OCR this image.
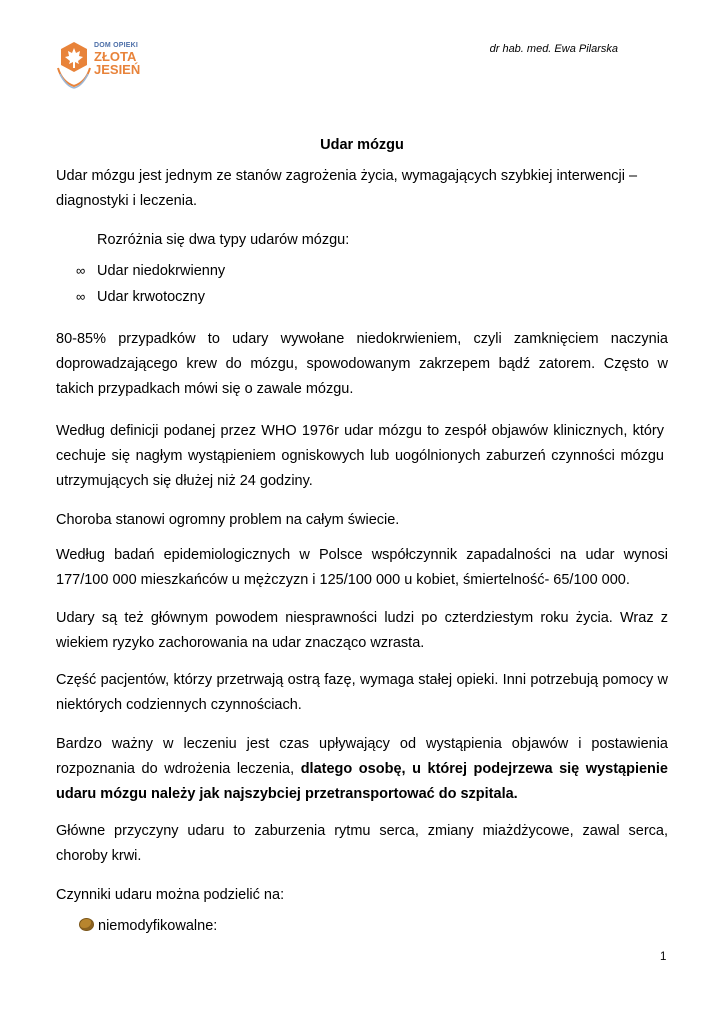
DOM OPIEKI
ZŁOTA
JESIEŃ
dr hab. med. Ewa Pilarska
Udar mózgu

Udar mózgu jest jednym ze stanów zagrożenia życia, wymagających szybkiej interwencji – diagnostyki i leczenia.

Rozróżnia się dwa typy udarów mózgu:

∞ Udar niedokrwienny
∞ Udar krwotoczny

80-85% przypadków to udary wywołane niedokrwieniem, czyli zamknięciem naczynia doprowadzającego krew do mózgu, spowodowanym zakrzepem bądź zatorem. Często w takich przypadkach mówi się o zawale mózgu.

Według definicji podanej przez WHO 1976r udar mózgu to zespół objawów klinicznych, który cechuje się nagłym wystąpieniem ogniskowych lub uogólnionych zaburzeń czynności mózgu utrzymujących się dłużej niż 24 godziny.

Choroba stanowi ogromny problem na całym świecie.

Według badań epidemiologicznych w Polsce współczynnik zapadalności na udar wynosi 177/100 000 mieszkańców u mężczyzn i 125/100 000 u kobiet, śmiertelność- 65/100 000.

Udary są też głównym powodem niesprawności ludzi po czterdziestym roku życia. Wraz z wiekiem ryzyko zachorowania na udar znacząco wzrasta.

Część pacjentów, którzy przetrwają ostrą fazę, wymaga stałej opieki. Inni potrzebują pomocy w niektórych codziennych czynnościach.

Bardzo ważny w leczeniu jest czas upływający od wystąpienia objawów i postawienia rozpoznania do wdrożenia leczenia, dlatego osobę, u której podejrzewa się wystąpienie udaru mózgu należy jak najszybciej przetransportować do szpitala.

Główne przyczyny udaru to zaburzenia rytmu serca, zmiany miażdżycowe, zawal serca, choroby krwi.

Czynniki udaru można podzielić na:

niemodyfikowalne:
1
